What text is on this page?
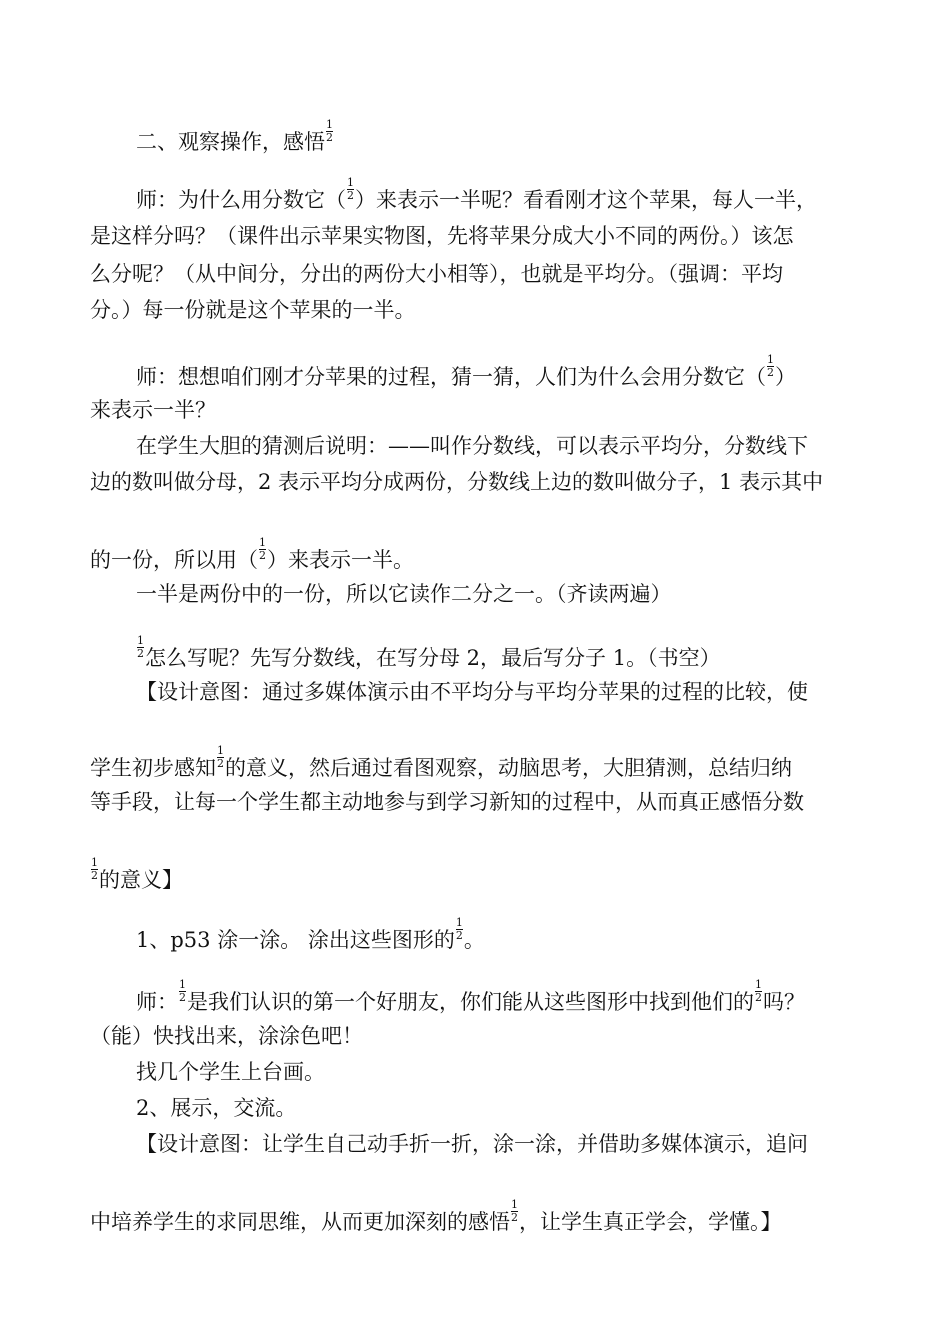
二、观察操作，感悟 $\frac{1}{2}$
师：为什么用分数它（ $\frac{1}{2}$ ）来表示一半呢？看看刚才这个苹果，每人一半，
是这样分吗？（课件出示苹果实物图，先将苹果分成大小不同的两份。）该怎
么分呢？（从中间分，分出的两份大小相等），也就是平均分。（强调：平均
分。）每一份就是这个苹果的一半。
师：想想咱们刚才分苹果的过程，猜一猜，人们为什么会用分数它（ $\frac{1}{2}$ ）
来表示一半？
在学生大胆的猜测后说明：——叫作分数线，可以表示平均分，分数线下
边的数叫做分母，2 表示平均分成两份，分数线上边的数叫做分子，1 表示其中
的一份，所以用（ $\frac{1}{2}$ ）来表示一半。
一半是两份中的一份，所以它读作二分之一。（齐读两遍）
$\frac{1}{2}$ 怎么写呢？先写分数线，在写分母 2，最后写分子 1。（书空）
【设计意图：通过多媒体演示由不平均分与平均分苹果的过程的比较，使
学生初步感知 $\frac{1}{2}$ 的意义，然后通过看图观察，动脑思考，大胆猜测，总结归纳
等手段，让每一个学生都主动地参与到学习新知的过程中，从而真正感悟分数
$\frac{1}{2}$ 的意义】
1、p53 涂一涂。 涂出这些图形的 $\frac{1}{2}$ 。
师： $\frac{1}{2}$ 是我们认识的第一个好朋友，你们能从这些图形中找到他们的 $\frac{1}{2}$ 吗？
（能）快找出来，涂涂色吧！
找几个学生上台画。
2、展示，交流。
【设计意图：让学生自己动手折一折，涂一涂，并借助多媒体演示，追问
中培养学生的求同思维，从而更加深刻的感悟 $\frac{1}{2}$ ，让学生真正学会，学懂。】
